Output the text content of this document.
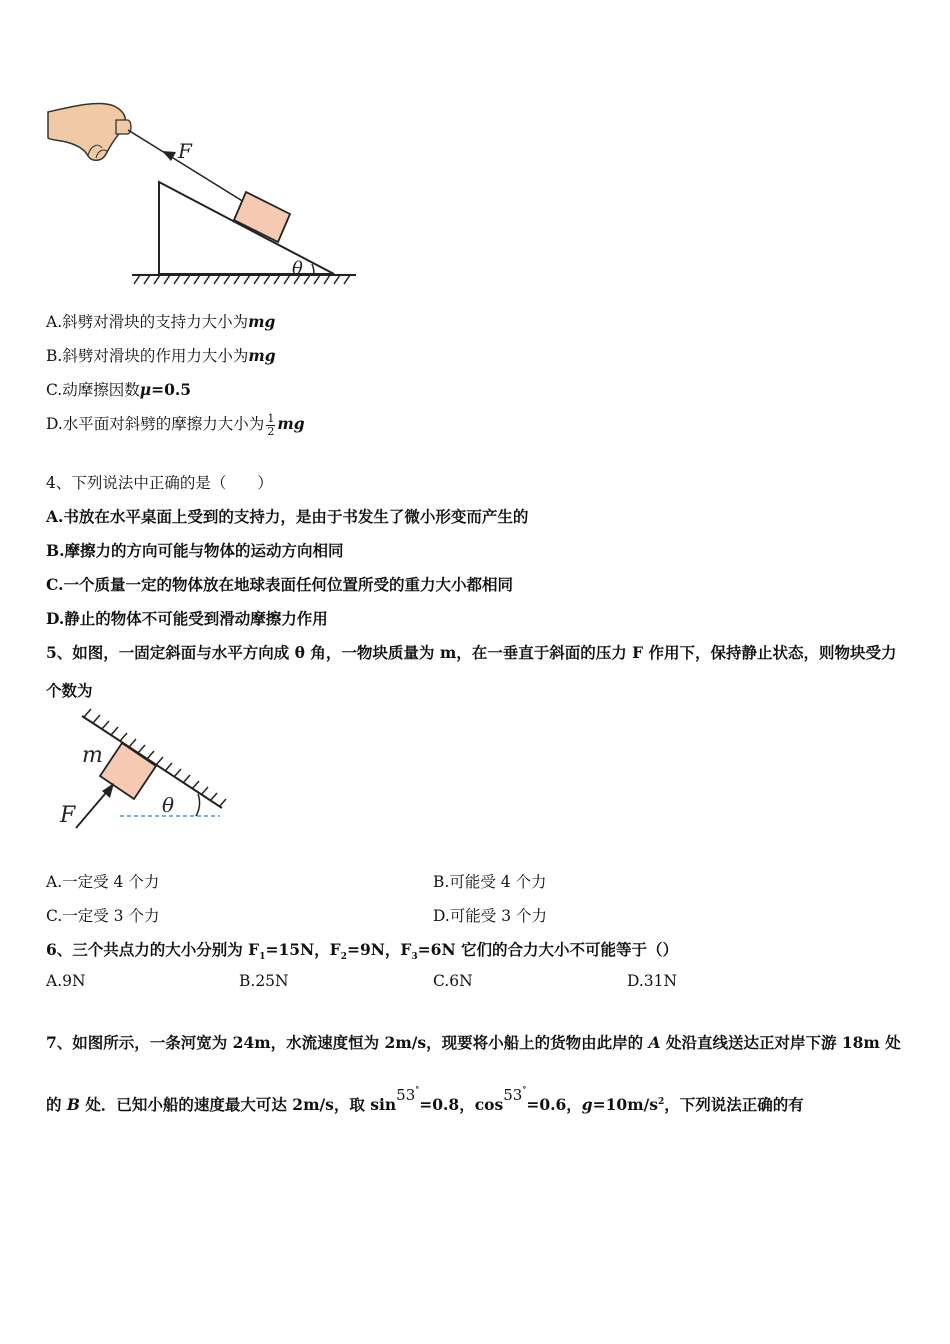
F
θ
A.斜劈对滑块的支持力大小为mg
B.斜劈对滑块的作用力大小为mg
C.动摩擦因数μ=0.5
D.水平面对斜劈的摩擦力大小为 $\frac{1}{2}$ mg
4、下列说法中正确的是（　　）
A.书放在水平桌面上受到的支持力，是由于书发生了微小形变而产生的
B.摩擦力的方向可能与物体的运动方向相同
C.一个质量一定的物体放在地球表面任何位置所受的重力大小都相同
D.静止的物体不可能受到滑动摩擦力作用
5、如图，一固定斜面与水平方向成 θ 角，一物块质量为 m，在一垂直于斜面的压力 F 作用下，保持静止状态，则物块受力
个数为
m
F	θ
A.一定受 4 个力	B.可能受 4 个力
C.一定受 3 个力	D.可能受 3 个力
6、三个共点力的大小分别为 $F_1=15N$，$F_2=9N$，$F_3=6N$ 它们的合力大小不可能等于（）
A.9N	B.25N	C.6N	D.31N
7、如图所示，一条河宽为 24m，水流速度恒为 2m/s，现要将小船上的货物由此岸的 A 处沿直线送达正对岸下游 18m 处
的 B 处．已知小船的速度最大可达 2m/s，取 sin53°=0.8，cos53°=0.6，$g=10m/s^2$，下列说法正确的有
